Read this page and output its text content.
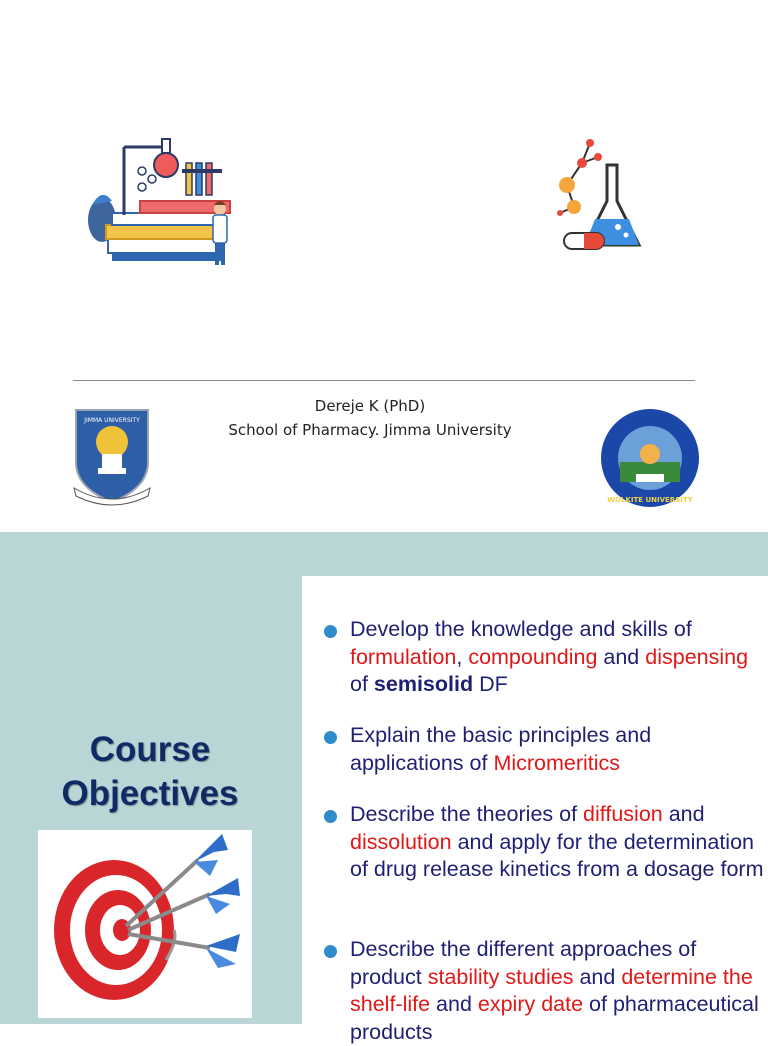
Dereje K (PhD)
School of Pharmacy. Jimma University
JIMMA UNIVERSITY
WOLKITE UNIVERSITY
Course
Objectives
Develop the knowledge and skills of formulation, compounding and dispensing of semisolid DF
Explain the basic principles and applications of Micromeritics
Describe the theories of diffusion and dissolution and apply for the determination of drug release kinetics from a dosage form
Describe the different approaches of product stability studies and determine the shelf-life and expiry date of pharmaceutical products
